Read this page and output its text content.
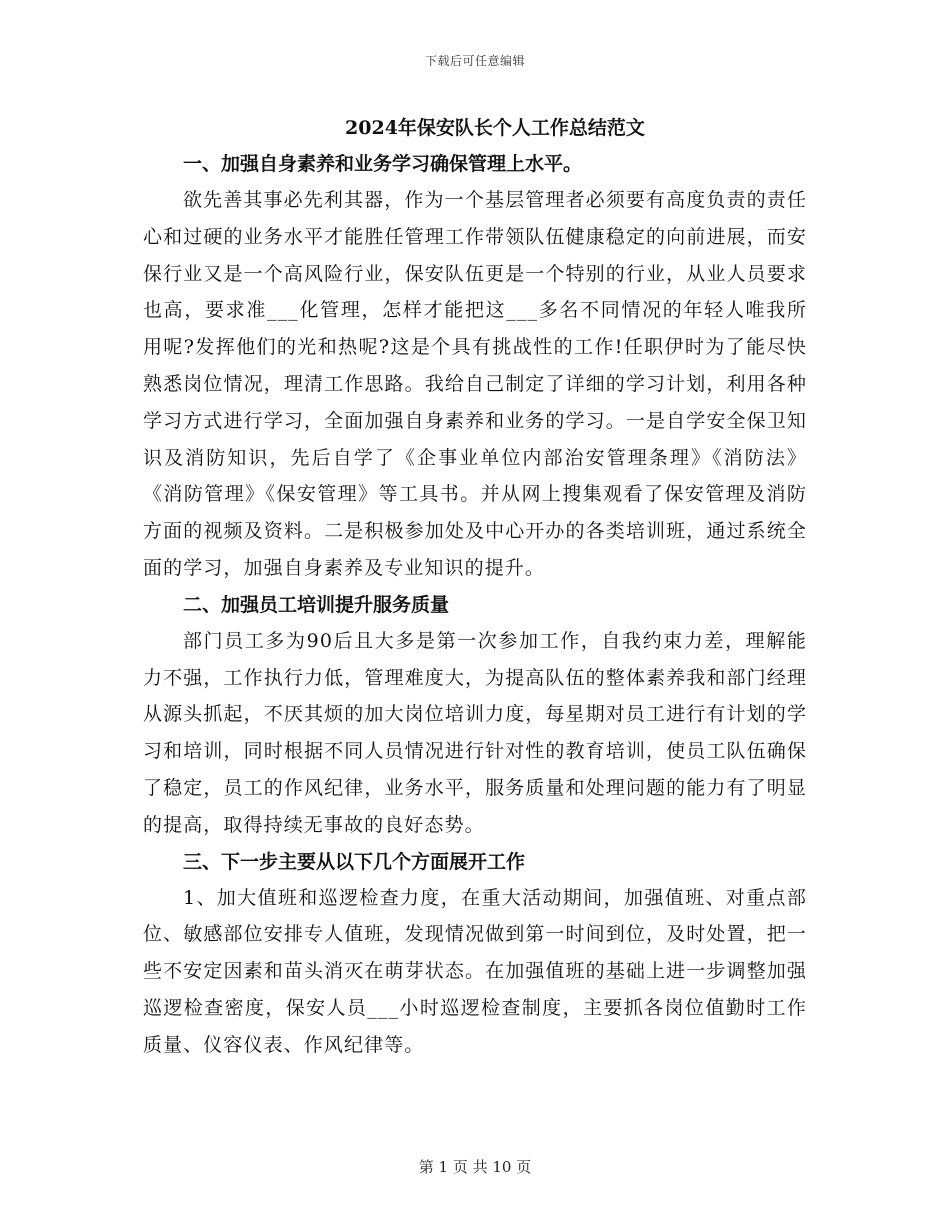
下载后可任意编辑
2024年保安队长个人工作总结范文
一、加强自身素养和业务学习确保管理上水平。

欲先善其事必先利其器，作为一个基层管理者必须要有高度负责的责任心和过硬的业务水平才能胜任管理工作带领队伍健康稳定的向前进展，而安保行业又是一个高风险行业，保安队伍更是一个特别的行业，从业人员要求也高，要求准___化管理，怎样才能把这___多名不同情况的年轻人唯我所用呢?发挥他们的光和热呢?这是个具有挑战性的工作!任职伊时为了能尽快熟悉岗位情况，理清工作思路。我给自己制定了详细的学习计划，利用各种学习方式进行学习，全面加强自身素养和业务的学习。一是自学安全保卫知识及消防知识，先后自学了《企事业单位内部治安管理条理》《消防法》《消防管理》《保安管理》等工具书。并从网上搜集观看了保安管理及消防方面的视频及资料。二是积极参加处及中心开办的各类培训班，通过系统全面的学习，加强自身素养及专业知识的提升。

二、加强员工培训提升服务质量

部门员工多为90后且大多是第一次参加工作，自我约束力差，理解能力不强，工作执行力低，管理难度大，为提高队伍的整体素养我和部门经理从源头抓起，不厌其烦的加大岗位培训力度，每星期对员工进行有计划的学习和培训，同时根据不同人员情况进行针对性的教育培训，使员工队伍确保了稳定，员工的作风纪律，业务水平，服务质量和处理问题的能力有了明显的提高，取得持续无事故的良好态势。

三、下一步主要从以下几个方面展开工作

1、加大值班和巡逻检查力度，在重大活动期间，加强值班、对重点部位、敏感部位安排专人值班，发现情况做到第一时间到位，及时处置，把一些不安定因素和苗头消灭在萌芽状态。在加强值班的基础上进一步调整加强巡逻检查密度，保安人员___小时巡逻检查制度，主要抓各岗位值勤时工作质量、仪容仪表、作风纪律等。

第 1 页 共 10 页
